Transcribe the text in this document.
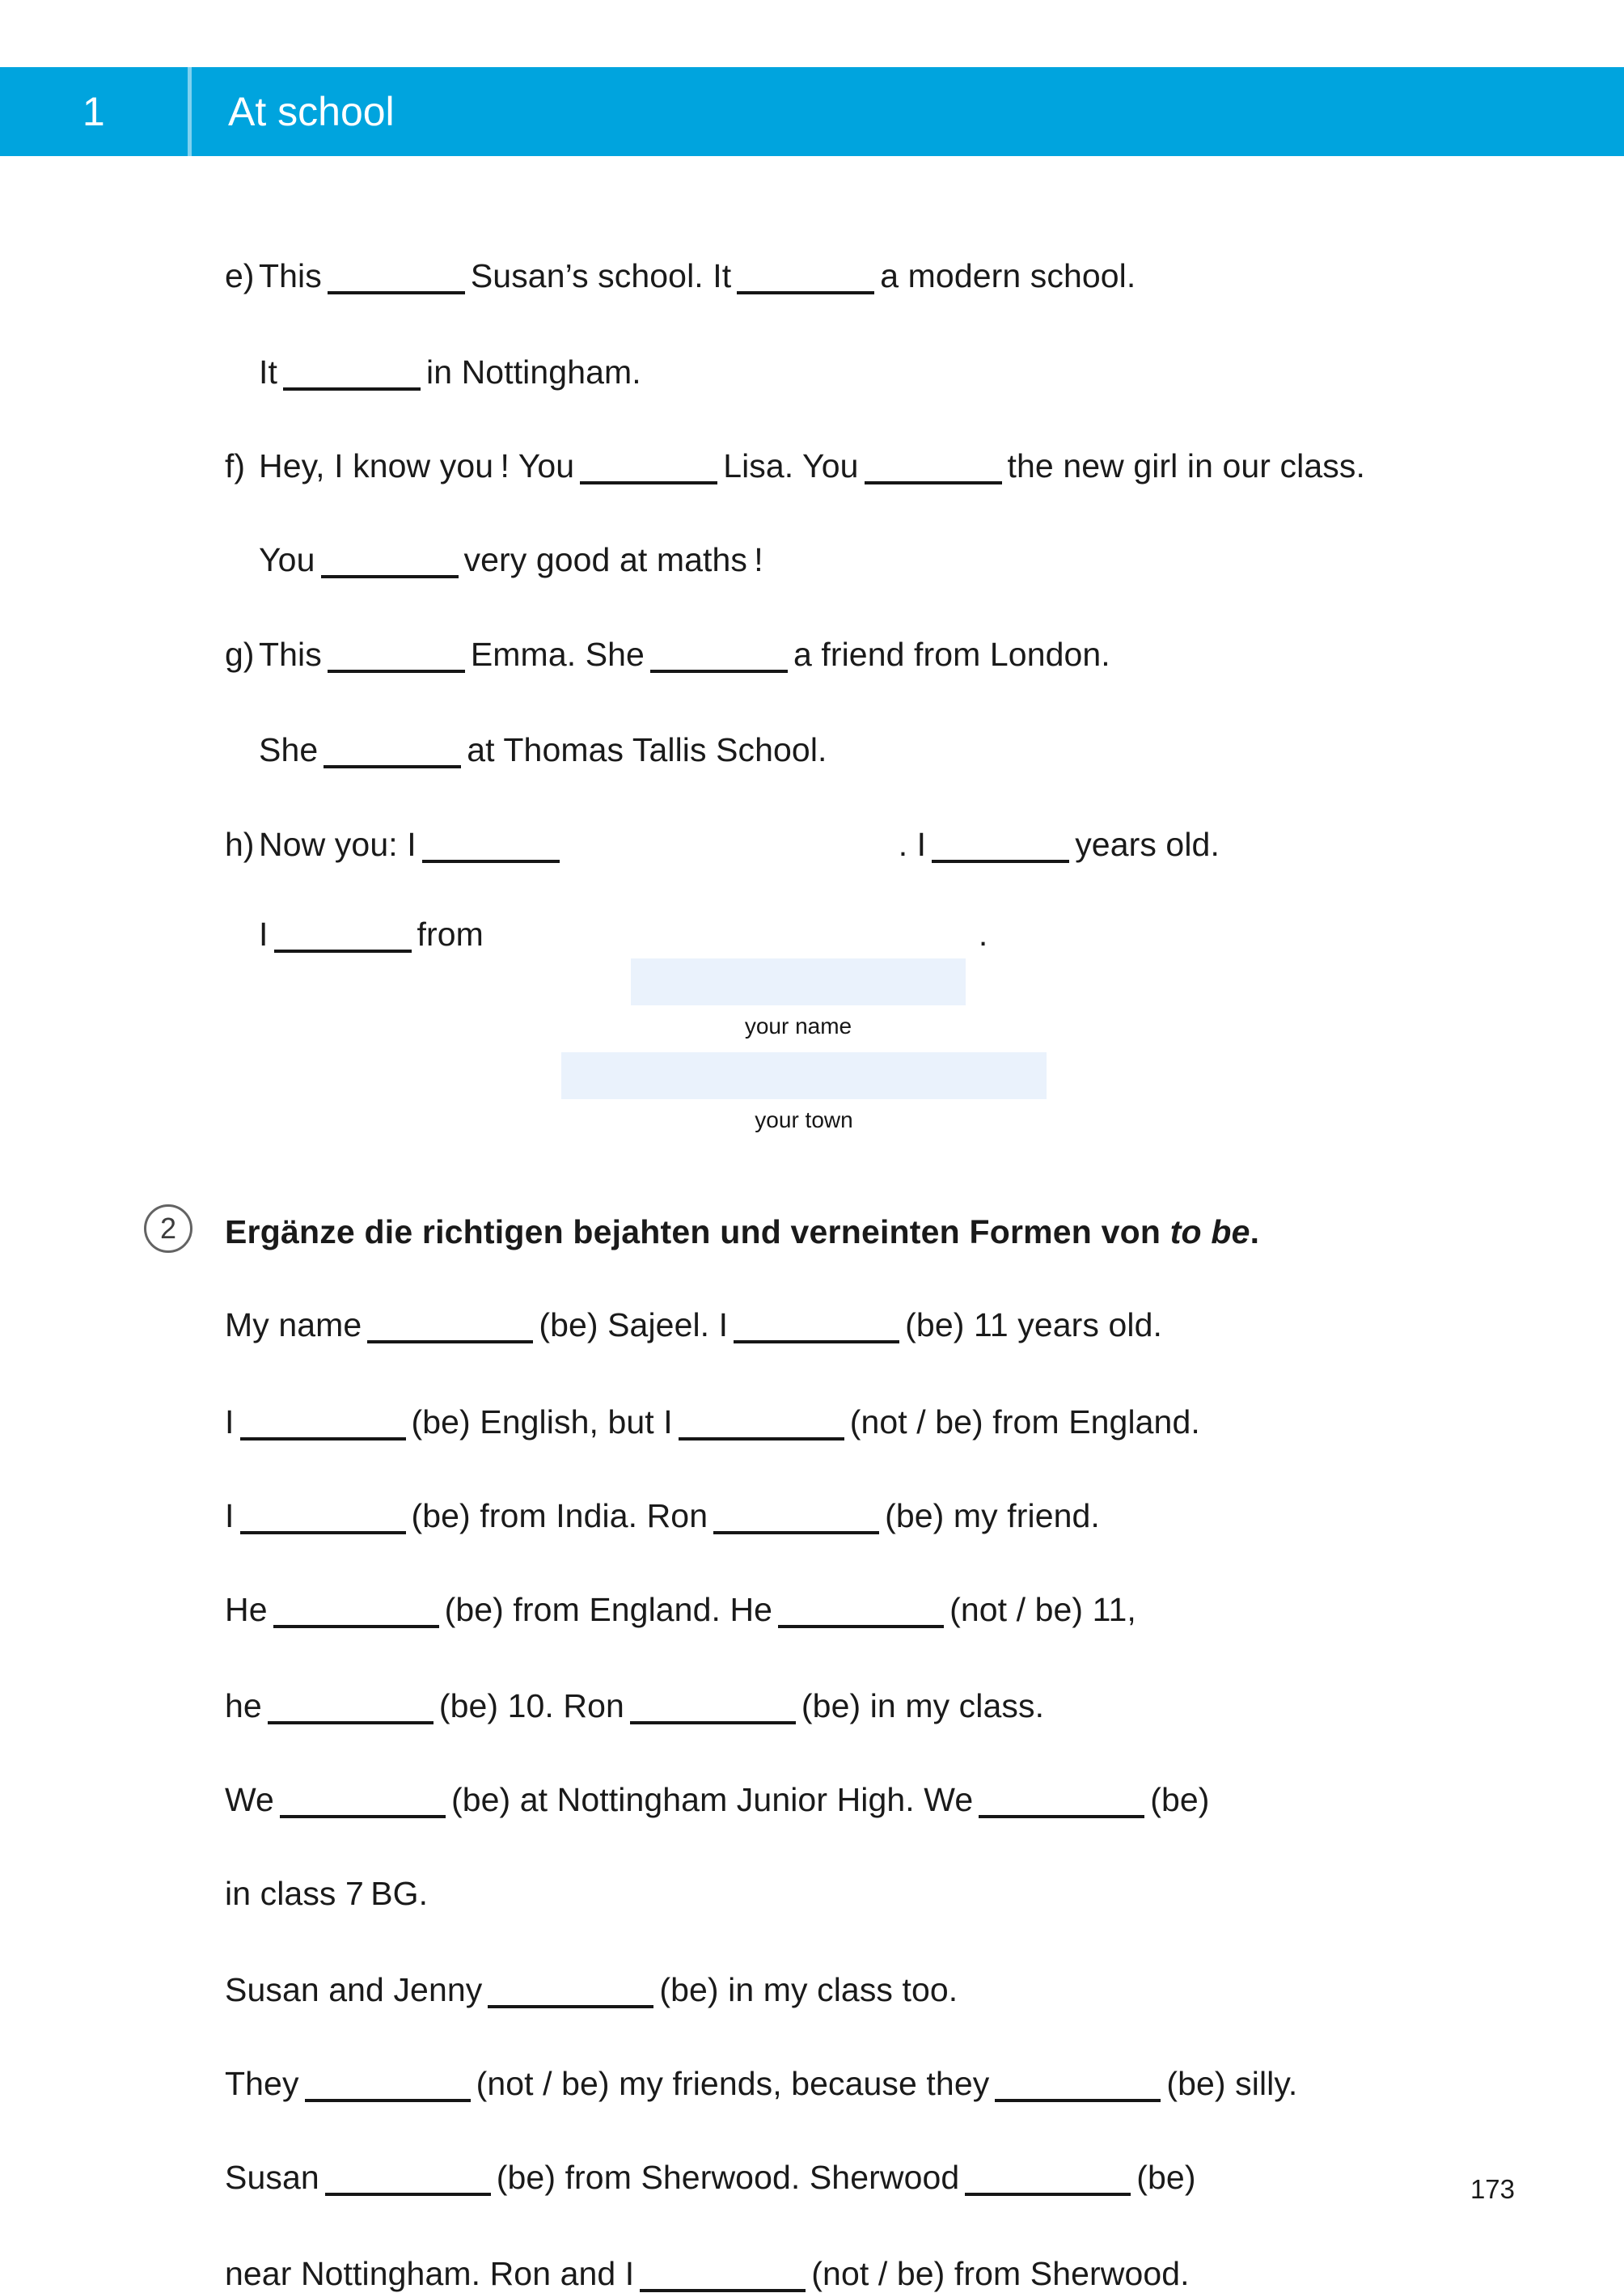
1	At school
e) This	Susan’s school. It	a modern school.
It	in Nottingham.
f) Hey, I know you ! You	Lisa. You	the new girl in our class.
You	very good at maths !
g) This	Emma. She	a friend from London.
She	at Thomas Tallis School.
h) Now you: I	. I	years old.
your name
I	from	.
your town
2	Ergänze die richtigen bejahten und verneinten Formen von to be.
My name	(be) Sajeel. I	(be) 11 years old.
I	(be) English, but I	(not / be) from England.
I	(be) from India. Ron	(be) my friend.
He	(be) from England. He	(not / be) 11,
he	(be) 10. Ron	(be) in my class.
We	(be) at Nottingham Junior High. We	(be)
in class 7 BG.
Susan and Jenny	(be) in my class too.
They	(not / be) my friends, because they	(be) silly.
Susan	(be) from Sherwood. Sherwood	(be)
near Nottingham. Ron and I	(not / be) from Sherwood.
173
